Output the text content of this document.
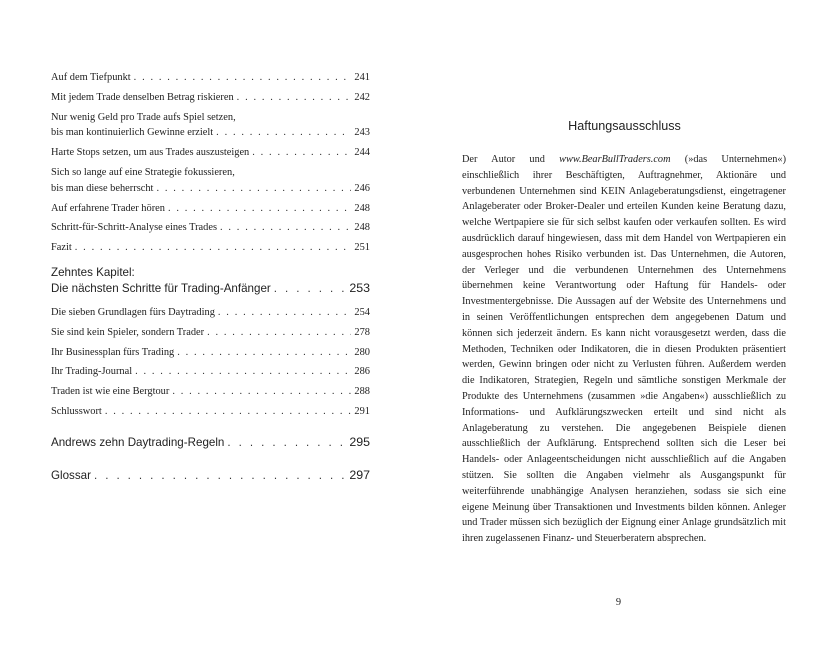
Auf dem Tiefpunkt . . .	241
Mit jedem Trade denselben Betrag riskieren . . .	242
Nur wenig Geld pro Trade aufs Spiel setzen,
bis man kontinuierlich Gewinne erzielt . . .	243
Harte Stops setzen, um aus Trades auszusteigen . . .	244
Sich so lange auf eine Strategie fokussieren,
bis man diese beherrscht . . .	246
Auf erfahrene Trader hören . . .	248
Schritt-für-Schritt-Analyse eines Trades . . .	248
Fazit . . .	251
Zehntes Kapitel:
Die nächsten Schritte für Trading-Anfänger . . .	253
Die sieben Grundlagen fürs Daytrading . . .	254
Sie sind kein Spieler, sondern Trader . . .	278
Ihr Businessplan fürs Trading . . .	280
Ihr Trading-Journal . . .	286
Traden ist wie eine Bergtour . . .	288
Schlusswort . . .	291
Andrews zehn Daytrading-Regeln . . .	295
Glossar . . .	297
Haftungsausschluss

Der Autor und www.BearBullTraders.com (»das Unternehmen«) einschließlich ihrer Beschäftigten, Auftragnehmer, Aktionäre und verbundenen Unternehmen sind KEIN Anlageberatungsdienst, eingetragener Anlageberater oder Broker-Dealer und erteilen Kunden keine Beratung dazu, welche Wertpapiere sie für sich selbst kaufen oder verkaufen sollten. Es wird ausdrücklich darauf hingewiesen, dass mit dem Handel von Wertpapieren ein ausgesprochen hohes Risiko verbunden ist. Das Unternehmen, die Autoren, der Verleger und die verbundenen Unternehmen des Unternehmens übernehmen keine Verantwortung oder Haftung für Handels- oder Investmentergebnisse. Die Aussagen auf der Website des Unternehmens und in seinen Veröffentlichungen entsprechen dem angegebenen Datum und können sich jederzeit ändern. Es kann nicht vorausgesetzt werden, dass die Methoden, Techniken oder Indikatoren, die in diesen Produkten präsentiert werden, Gewinn bringen oder nicht zu Verlusten führen. Außerdem werden die Indikatoren, Strategien, Regeln und sämtliche sonstigen Merkmale der Produkte des Unternehmens (zusammen »die Angaben«) ausschließlich zu Informations- und Aufklärungszwecken erteilt und sind nicht als Anlageberatung zu verstehen. Die angegebenen Beispiele dienen ausschließlich der Aufklärung. Entsprechend sollten sich die Leser bei Handels- oder Anlageentscheidungen nicht ausschließlich auf die Angaben stützen. Sie sollten die Angaben vielmehr als Ausgangspunkt für weiterführende unabhängige Analysen heranziehen, sodass sie sich eine eigene Meinung über Transaktionen und Investments bilden können. Anleger und Trader müssen sich bezüglich der Eignung einer Anlage grundsätzlich mit ihren zugelassenen Finanz- und Steuerberatern absprechen.

9
